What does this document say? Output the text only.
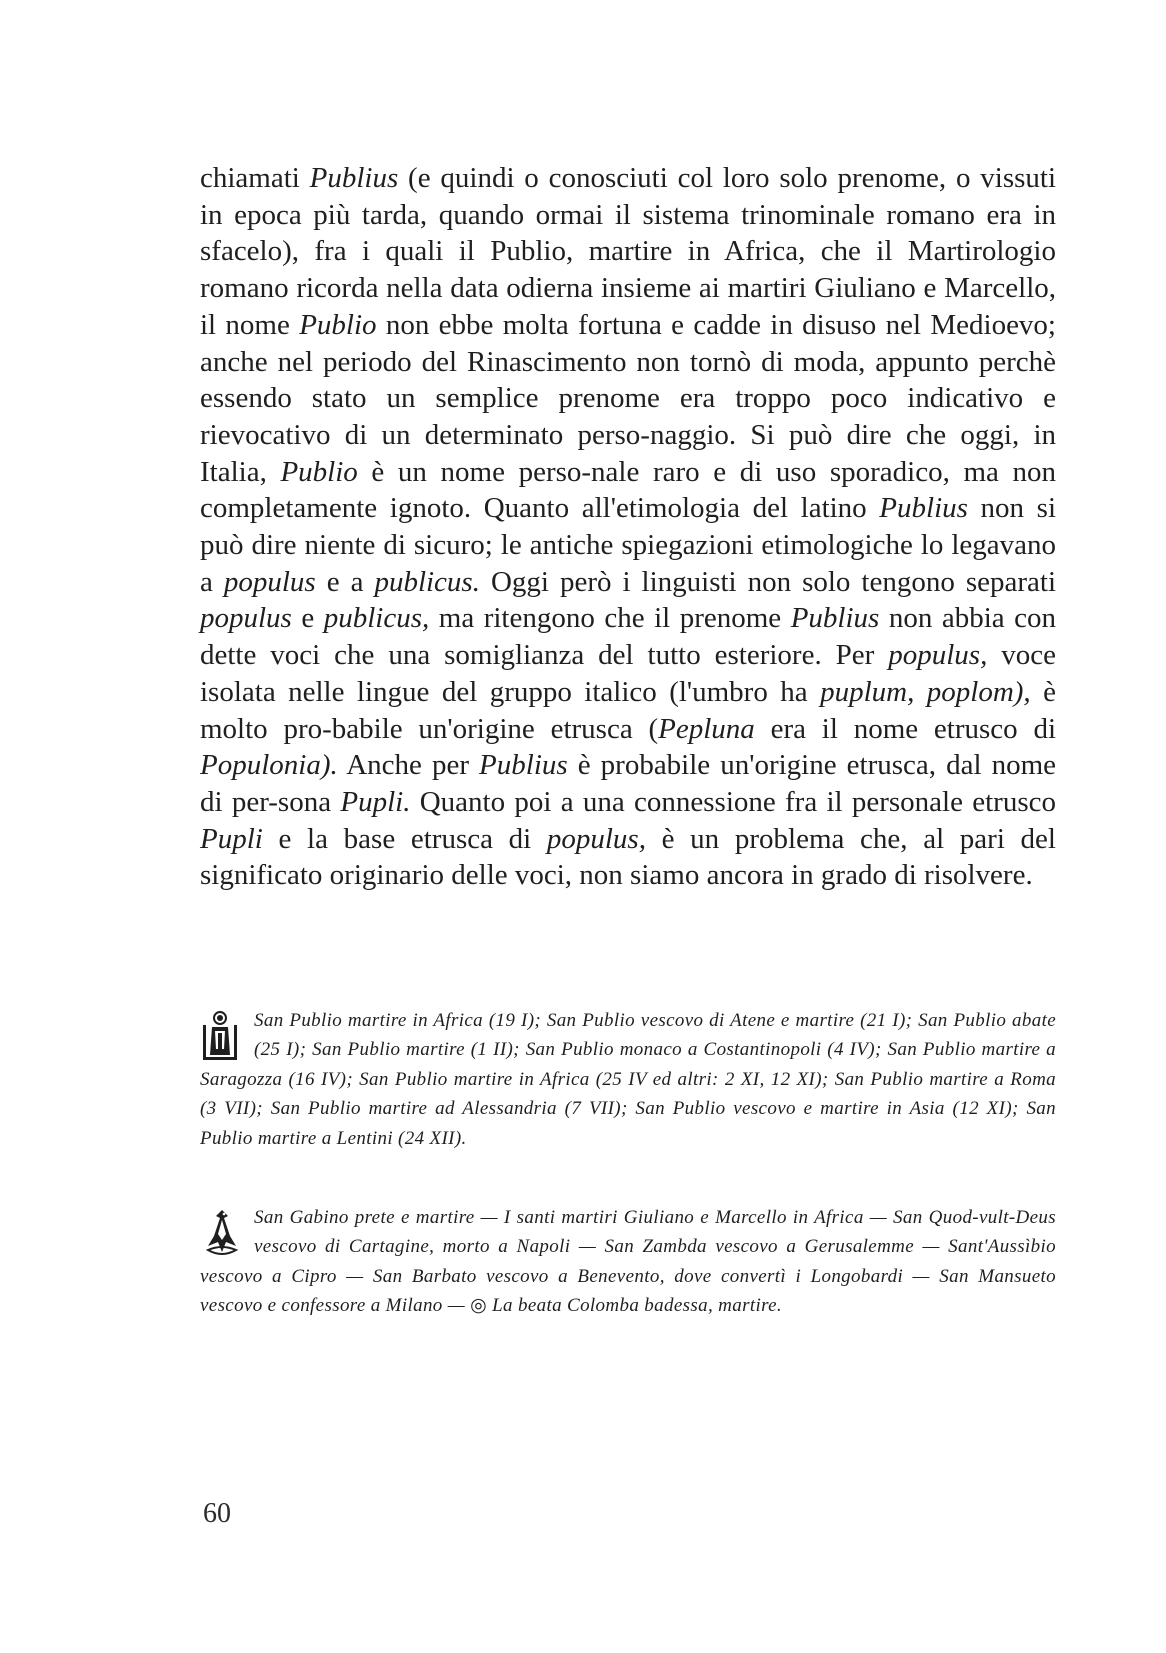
chiamati Publius (e quindi o conosciuti col loro solo prenome, o vissuti in epoca più tarda, quando ormai il sistema trinominale romano era in sfacelo), fra i quali il Publio, martire in Africa, che il Martirologio romano ricorda nella data odierna insieme ai martiri Giuliano e Marcello, il nome Publio non ebbe molta fortuna e cadde in disuso nel Medioevo; anche nel periodo del Rinascimento non tornò di moda, appunto perchè essendo stato un semplice prenome era troppo poco indicativo e rievocativo di un determinato perso-naggio. Si può dire che oggi, in Italia, Publio è un nome perso-nale raro e di uso sporadico, ma non completamente ignoto. Quanto all'etimologia del latino Publius non si può dire niente di sicuro; le antiche spiegazioni etimologiche lo legavano a populus e a publicus. Oggi però i linguisti non solo tengono separati populus e publicus, ma ritengono che il prenome Publius non abbia con dette voci che una somiglianza del tutto esteriore. Per populus, voce isolata nelle lingue del gruppo italico (l'umbro ha puplum, poplom), è molto pro-babile un'origine etrusca (Pepluna era il nome etrusco di Populonia). Anche per Publius è probabile un'origine etrusca, dal nome di per-sona Pupli. Quanto poi a una connessione fra il personale etrusco Pupli e la base etrusca di populus, è un problema che, al pari del significato originario delle voci, non siamo ancora in grado di risolvere.

San Publio martire in Africa (19 I); San Publio vescovo di Atene e martire (21 I); San Publio abate (25 I); San Publio martire (1 II); San Publio monaco a Costantinopoli (4 IV); San Publio martire a Saragozza (16 IV); San Publio martire in Africa (25 IV ed altri: 2 XI, 12 XI); San Publio martire a Roma (3 VII); San Publio martire ad Alessandria (7 VII); San Publio vescovo e martire in Asia (12 XI); San Publio martire a Lentini (24 XII).

San Gabino prete e martire — I santi martiri Giuliano e Marcello in Africa — San Quod-vult-Deus vescovo di Cartagine, morto a Napoli — San Zambda vescovo a Gerusalemme — Sant'Aussìbio vescovo a Cipro — San Barbato vescovo a Benevento, dove convertì i Longobardi — San Mansueto vescovo e confessore a Milano — ◎ La beata Colomba badessa, martire.

60
